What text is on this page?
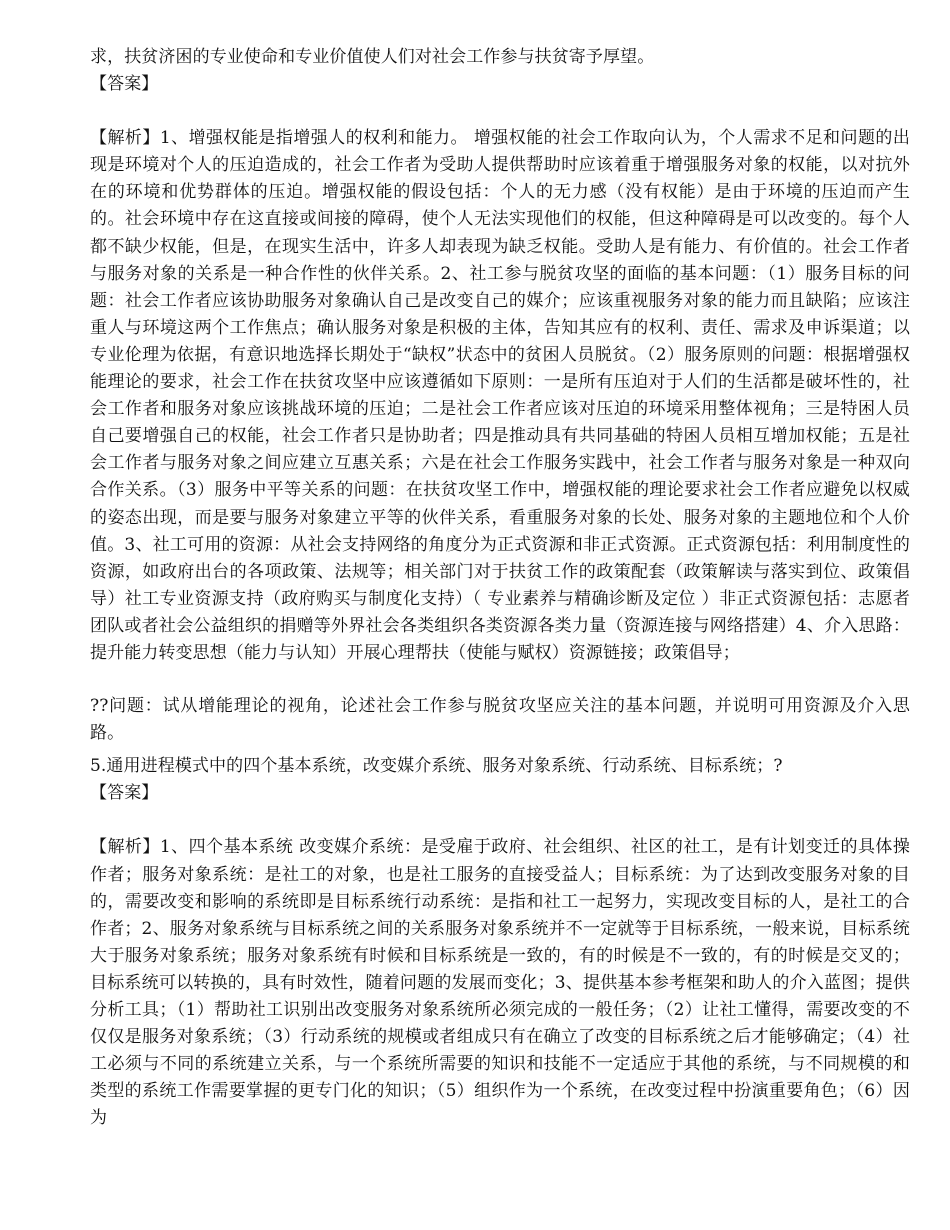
求，扶贫济困的专业使命和专业价值使人们对社会工作参与扶贫寄予厚望。

【答案】

【解析】1、增强权能是指增强人的权利和能力。 增强权能的社会工作取向认为，个人需求不足和问题的出现是环境对个人的压迫造成的，社会工作者为受助人提供帮助时应该着重于增强服务对象的权能，以对抗外在的环境和优势群体的压迫。增强权能的假设包括：个人的无力感（没有权能）是由于环境的压迫而产生的。社会环境中存在这直接或间接的障碍，使个人无法实现他们的权能，但这种障碍是可以改变的。每个人都不缺少权能，但是，在现实生活中，许多人却表现为缺乏权能。受助人是有能力、有价值的。社会工作者与服务对象的关系是一种合作性的伙伴关系。2、社工参与脱贫攻坚的面临的基本问题：（1）服务目标的问题：社会工作者应该协助服务对象确认自己是改变自己的媒介；应该重视服务对象的能力而且缺陷；应该注重人与环境这两个工作焦点；确认服务对象是积极的主体，告知其应有的权利、责任、需求及申诉渠道；以专业伦理为依据，有意识地选择长期处于“缺权”状态中的贫困人员脱贫。（2）服务原则的问题：根据增强权能理论的要求，社会工作在扶贫攻坚中应该遵循如下原则：一是所有压迫对于人们的生活都是破坏性的，社会工作者和服务对象应该挑战环境的压迫；二是社会工作者应该对压迫的环境采用整体视角；三是特困人员自己要增强自己的权能，社会工作者只是协助者；四是推动具有共同基础的特困人员相互增加权能；五是社会工作者与服务对象之间应建立互惠关系；六是在社会工作服务实践中，社会工作者与服务对象是一种双向合作关系。（3）服务中平等关系的问题：在扶贫攻坚工作中，增强权能的理论要求社会工作者应避免以权威的姿态出现，而是要与服务对象建立平等的伙伴关系，看重服务对象的长处、服务对象的主题地位和个人价值。3、社工可用的资源：从社会支持网络的角度分为正式资源和非正式资源。正式资源包括：利用制度性的资源，如政府出台的各项政策、法规等；相关部门对于扶贫工作的政策配套（政策解读与落实到位、政策倡导）社工专业资源支持（政府购买与制度化支持）（ 专业素养与精确诊断及定位 ）非正式资源包括：志愿者团队或者社会公益组织的捐赠等外界社会各类组织各类资源各类力量（资源连接与网络搭建）4、介入思路：提升能力转变思想（能力与认知）开展心理帮扶（使能与赋权）资源链接；政策倡导；

??问题：试从增能理论的视角，论述社会工作参与脱贫攻坚应关注的基本问题，并说明可用资源及介入思路。

5.通用进程模式中的四个基本系统，改变媒介系统、服务对象系统、行动系统、目标系统；?

【答案】

【解析】1、四个基本系统 改变媒介系统：是受雇于政府、社会组织、社区的社工，是有计划变迁的具体操作者；服务对象系统：是社工的对象，也是社工服务的直接受益人；目标系统：为了达到改变服务对象的目的，需要改变和影响的系统即是目标系统行动系统：是指和社工一起努力，实现改变目标的人，是社工的合作者；2、服务对象系统与目标系统之间的关系服务对象系统并不一定就等于目标系统，一般来说，目标系统大于服务对象系统；服务对象系统有时候和目标系统是一致的，有的时候是不一致的，有的时候是交叉的；目标系统可以转换的，具有时效性，随着问题的发展而变化；3、提供基本参考框架和助人的介入蓝图；提供分析工具；（1）帮助社工识别出改变服务对象系统所必须完成的一般任务；（2）让社工懂得，需要改变的不仅仅是服务对象系统；（3）行动系统的规模或者组成只有在确立了改变的目标系统之后才能够确定；（4）社工必须与不同的系统建立关系，与一个系统所需要的知识和技能不一定适应于其他的系统，与不同规模的和类型的系统工作需要掌握的更专门化的知识；（5）组织作为一个系统，在改变过程中扮演重要角色；（6）因为
